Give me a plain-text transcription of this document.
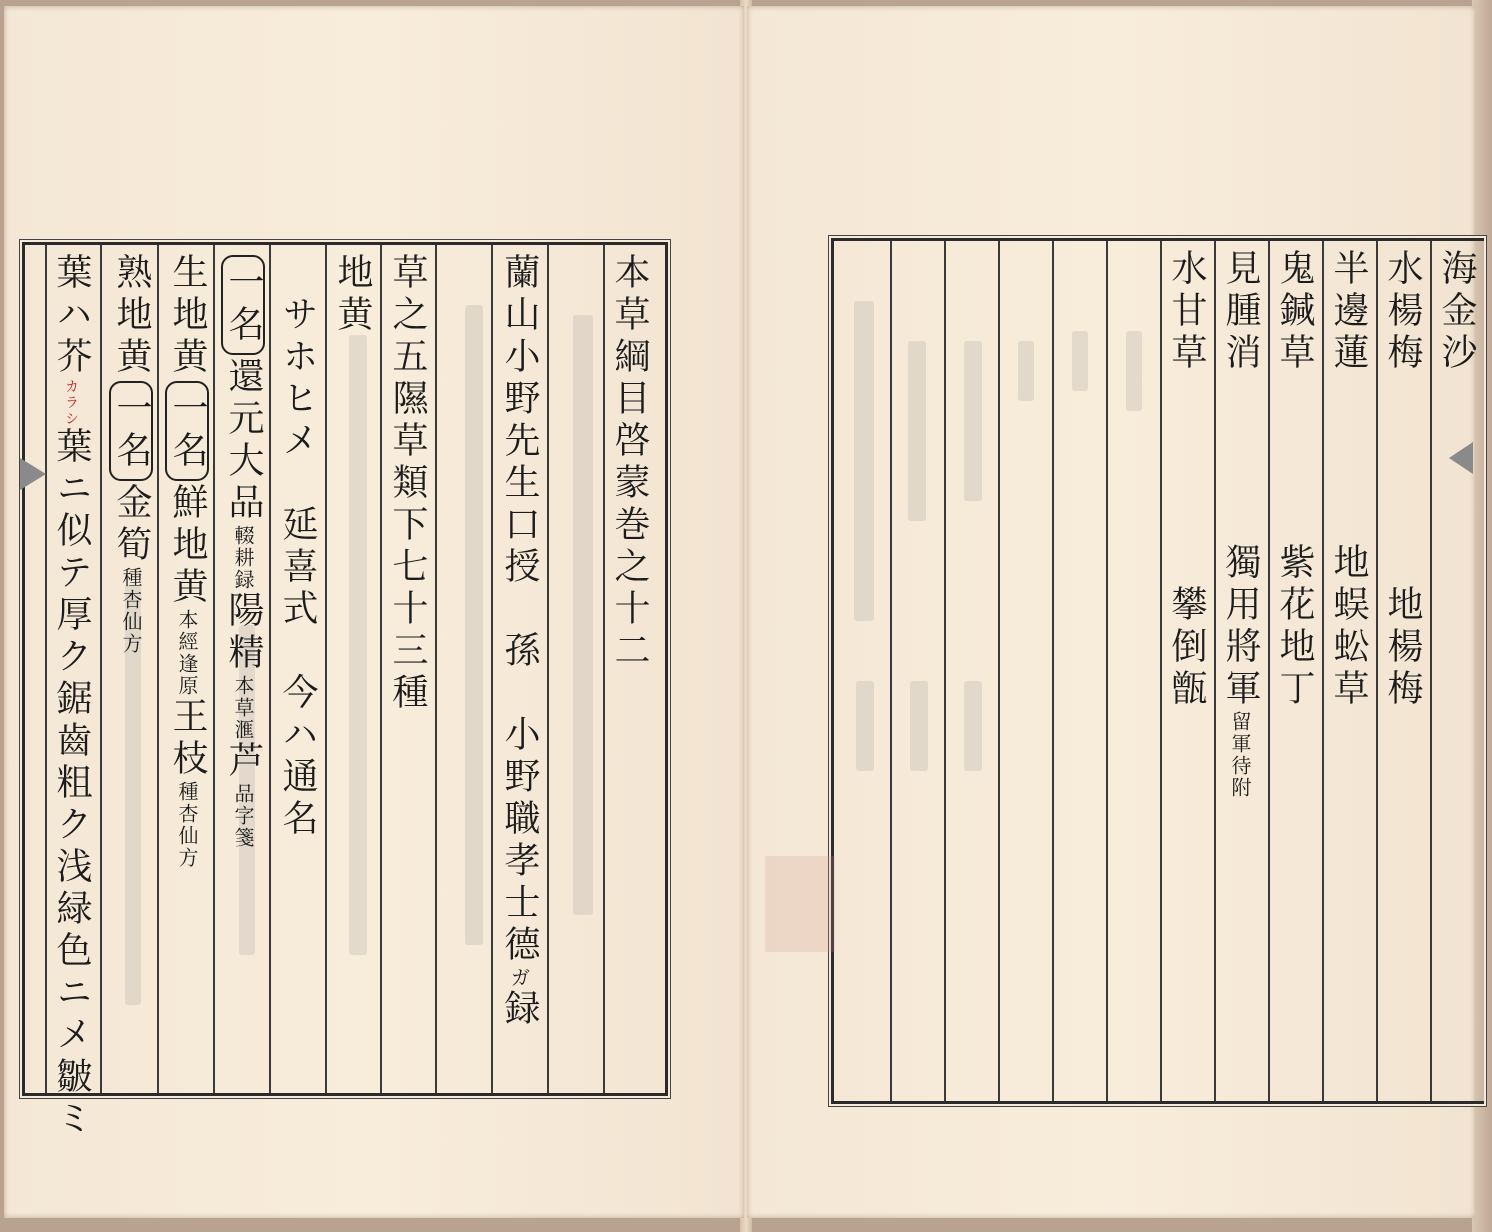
本草綱目啓蒙巻之十二
蘭山小野先生口授　孫　小野職孝士德ガ録
草之五隰草類下七十三種
地黄
　サホヒメ　延喜式　今ハ通名
一名還元大品輟耕録陽精本草滙芦品字箋
生地黄一名鮮地黄本經逢原王枝種杏仙方
熟地黄一名金筍種杏仙方
葉ハ芥カラシ葉ニ似テ厚ク鋸齒粗ク浅緑色ニメ皺ミ
海金沙
水楊梅　　　　　地楊梅
半邊蓮　　　　地蜈蚣草
鬼鍼草　　　　紫花地丁
見腫消　　　　獨用將軍留軍待附
水甘草　　　　　攀倒甑
